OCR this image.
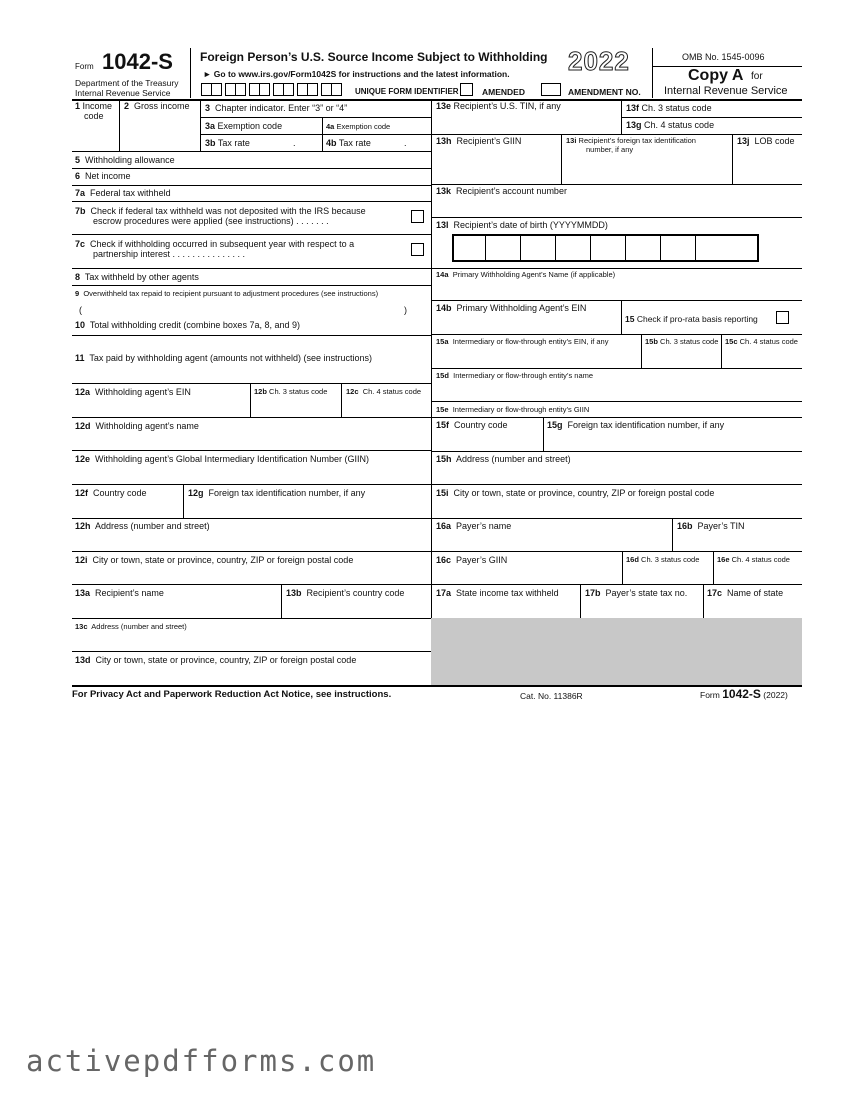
Form 1042-S
Department of the Treasury
Internal Revenue Service
Foreign Person’s U.S. Source Income Subject to Withholding
► Go to www.irs.gov/Form1042S for instructions and the latest information. 2022	OMB No. 1545-0096
Copy A for
Internal Revenue Service
UNIQUE FORM IDENTIFIER	AMENDED	AMENDMENT NO.
1 Income
code
2 Gross income 3 Chapter indicator. Enter “3” or “4”
3a Exemption code	4a Exemption code
3b Tax rate	.	4b Tax rate	.
5 Withholding allowance
6 Net income
7a Federal tax withheld
7b Check if federal tax withheld was not deposited with the IRS because
escrow procedures were applied (see instructions) . . . . . . .
7c Check if withholding occurred in subsequent year with respect to a
partnership interest . . . . . . . . . . . . . . .
8 Tax withheld by other agents
9 Overwithheld tax repaid to recipient pursuant to adjustment procedures (see instructions)
(	)
10 Total withholding credit (combine boxes 7a, 8, and 9)
11 Tax paid by withholding agent (amounts not withheld) (see instructions)
12a Withholding agent’s EIN	12b Ch. 3 status code 12c Ch. 4 status code
12d Withholding agent’s name
12e Withholding agent’s Global Intermediary Identification Number (GIIN)
12f Country code	12g Foreign tax identification number, if any
12h Address (number and street)
12i City or town, state or province, country, ZIP or foreign postal code
13a Recipient’s name	13b Recipient’s country code
13c Address (number and street)
13d City or town, state or province, country, ZIP or foreign postal code
13e Recipient’s U.S. TIN, if any	13f Ch. 3 status code
13g Ch. 4 status code
13h Recipient’s GIIN	13i Recipient’s foreign tax identification
number, if any
13j LOB code
13k Recipient’s account number
13l Recipient’s date of birth (YYYYMMDD)
14a Primary Withholding Agent’s Name (if applicable)
14b Primary Withholding Agent’s EIN
15 Check if pro-rata basis reporting
15a Intermediary or flow-through entity’s EIN, if any	15b Ch. 3 status code 15c Ch. 4 status code
15d Intermediary or flow-through entity’s name
15e Intermediary or flow-through entity’s GIIN
15f Country code	15g Foreign tax identification number, if any
15h Address (number and street)
15i City or town, state or province, country, ZIP or foreign postal code
16a Payer’s name	16b Payer’s TIN
16c Payer’s GIIN	16d Ch. 3 status code 16e Ch. 4 status code
17a State income tax withheld	17b Payer’s state tax no. 17c Name of state
For Privacy Act and Paperwork Reduction Act Notice, see instructions.	Cat. No. 11386R	Form 1042-S (2022)
activepdfforms.com
